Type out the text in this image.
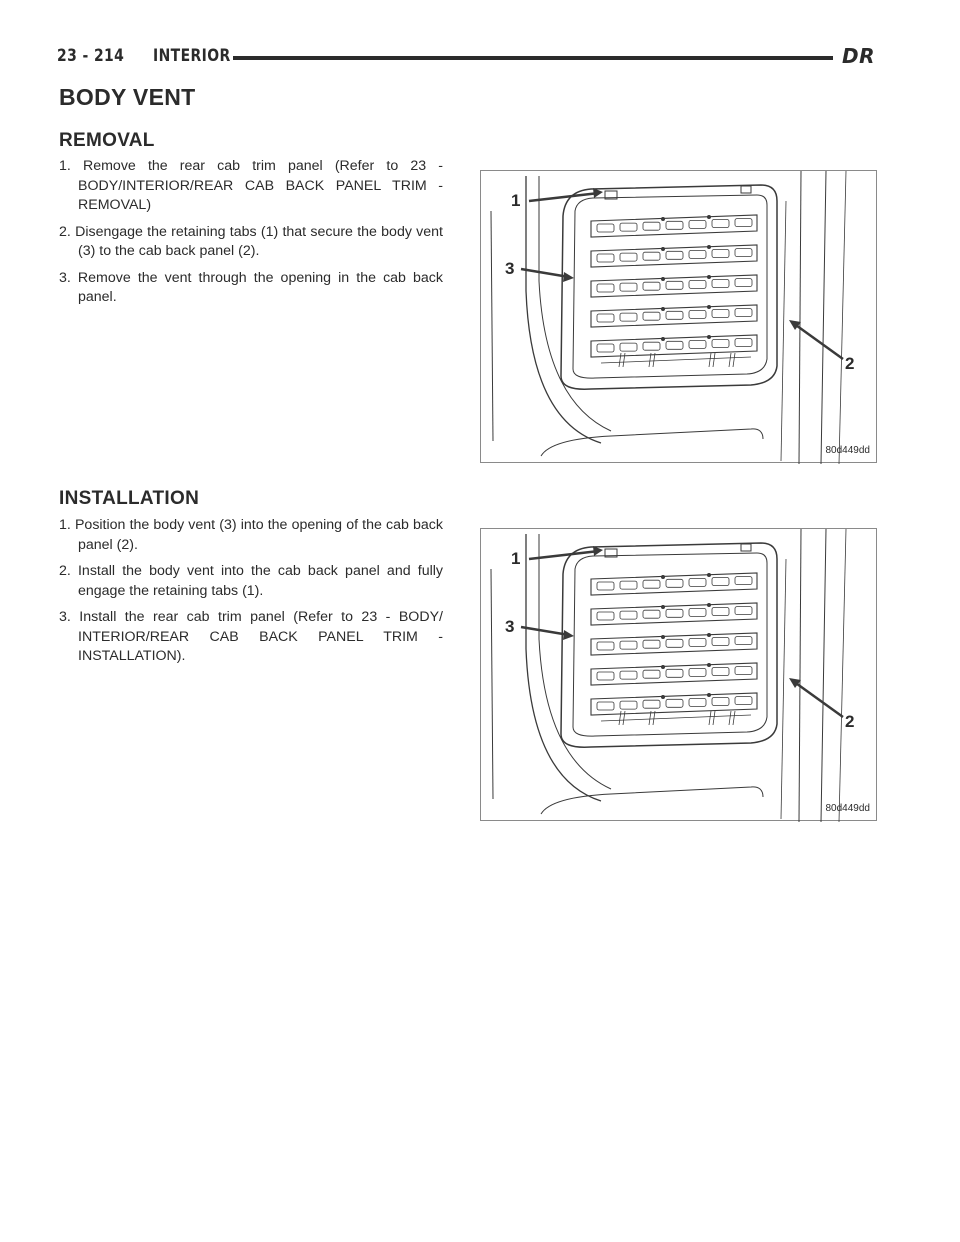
23 - 214 INTERIOR	DR
BODY VENT
REMOVAL
1. Remove the rear cab trim panel (Refer to 23 - BODY/INTERIOR/REAR CAB BACK PANEL TRIM - REMOVAL)
2. Disengage the retaining tabs (1) that secure the body vent (3) to the cab back panel (2).
3. Remove the vent through the opening in the cab back panel.
1
3
2
80d449dd
INSTALLATION
1. Position the body vent (3) into the opening of the cab back panel (2).
2. Install the body vent into the cab back panel and fully engage the retaining tabs (1).
3. Install the rear cab trim panel (Refer to 23 - BODY/ INTERIOR/REAR CAB BACK PANEL TRIM - INSTALLATION).
1
3
2
80d449dd
